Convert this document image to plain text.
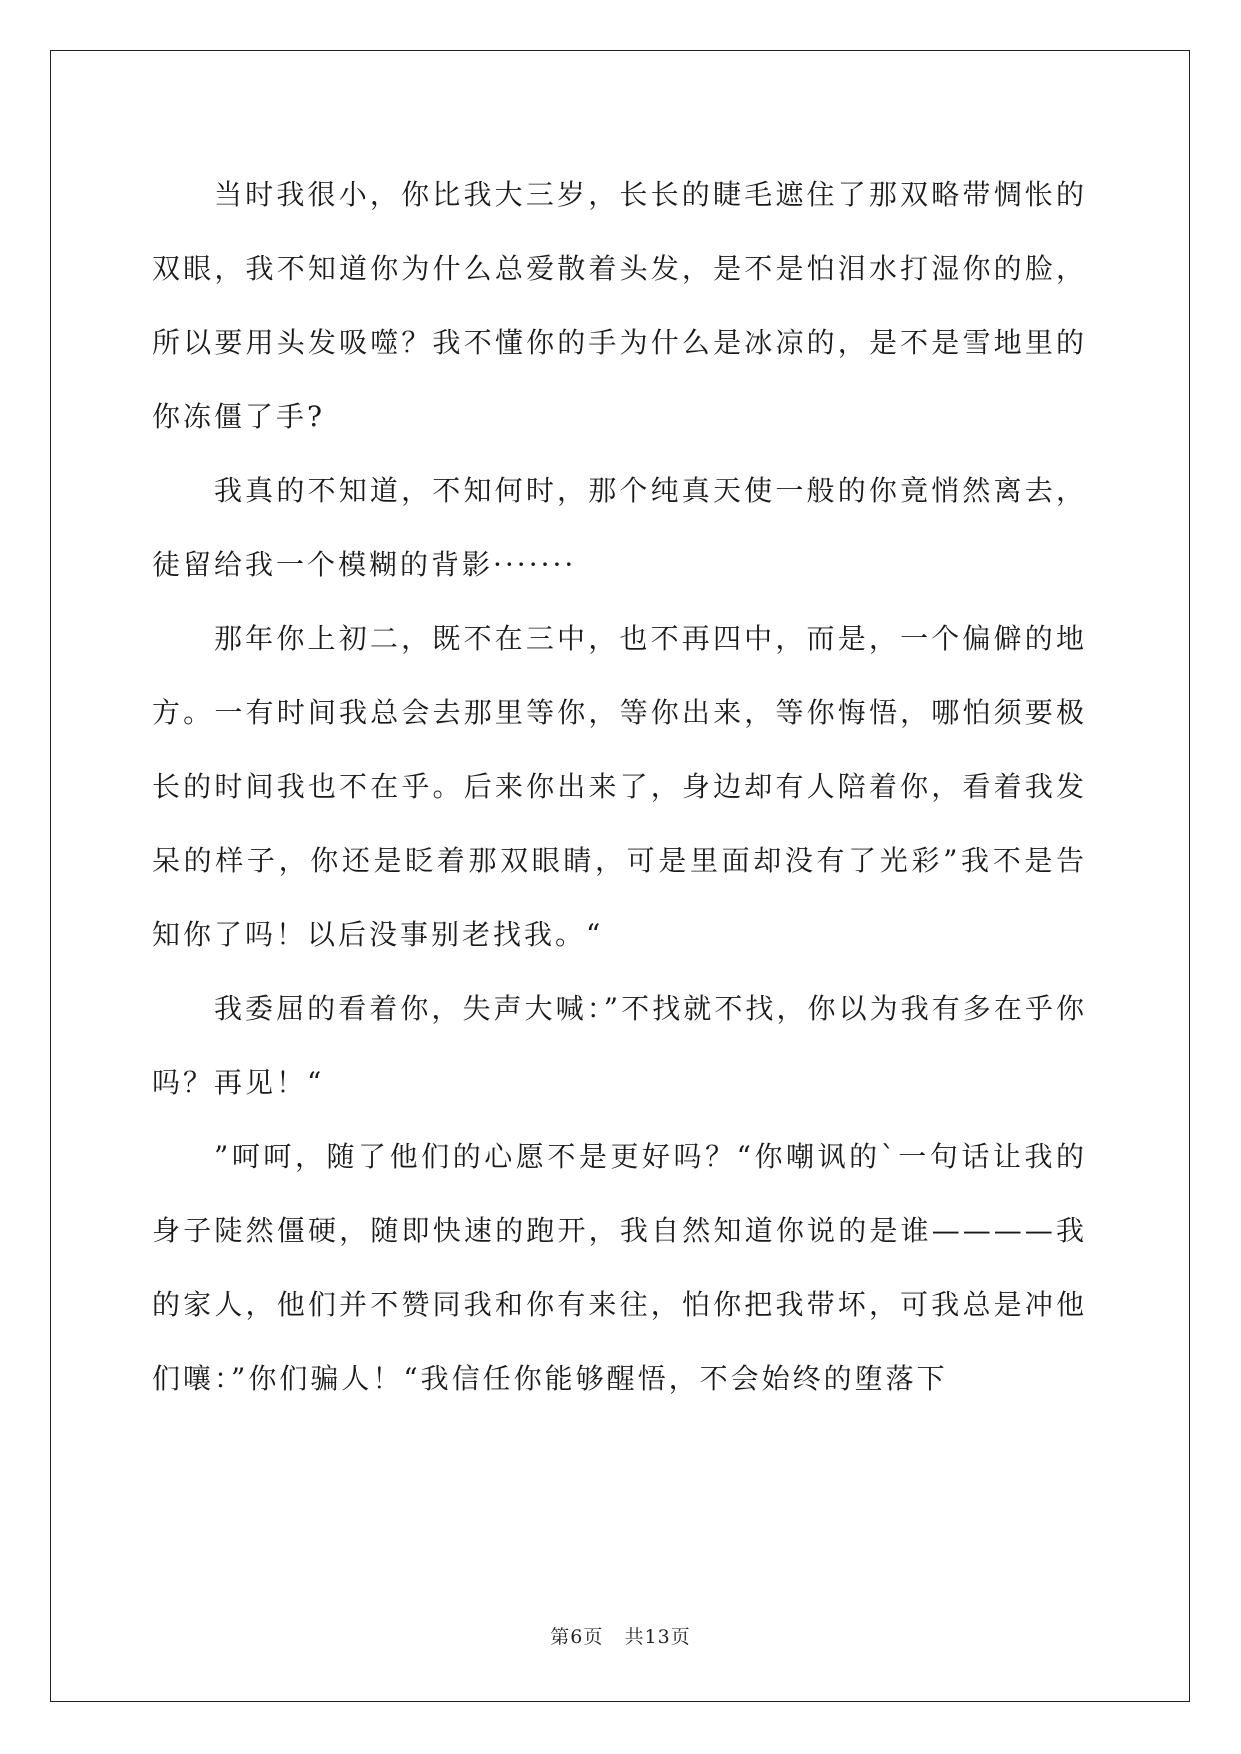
当时我很小，你比我大三岁，长长的睫毛遮住了那双略带惆怅的双眼，我不知道你为什么总爱散着头发，是不是怕泪水打湿你的脸，所以要用头发吸噬？我不懂你的手为什么是冰凉的，是不是雪地里的你冻僵了手?

我真的不知道，不知何时，那个纯真天使一般的你竟悄然离去，徒留给我一个模糊的背影·······

那年你上初二，既不在三中，也不再四中，而是，一个偏僻的地方。一有时间我总会去那里等你，等你出来，等你悔悟，哪怕须要极长的时间我也不在乎。后来你出来了，身边却有人陪着你，看着我发呆的样子，你还是眨着那双眼睛，可是里面却没有了光彩”我不是告知你了吗！以后没事别老找我。“

我委屈的看着你，失声大喊：”不找就不找，你以为我有多在乎你吗？再见！“

”呵呵，随了他们的心愿不是更好吗？“你嘲讽的`一句话让我的身子陡然僵硬，随即快速的跑开，我自然知道你说的是谁————我的家人，他们并不赞同我和你有来往，怕你把我带坏，可我总是冲他们嚷：”你们骗人！“我信任你能够醒悟，不会始终的堕落下

第6页 共13页
